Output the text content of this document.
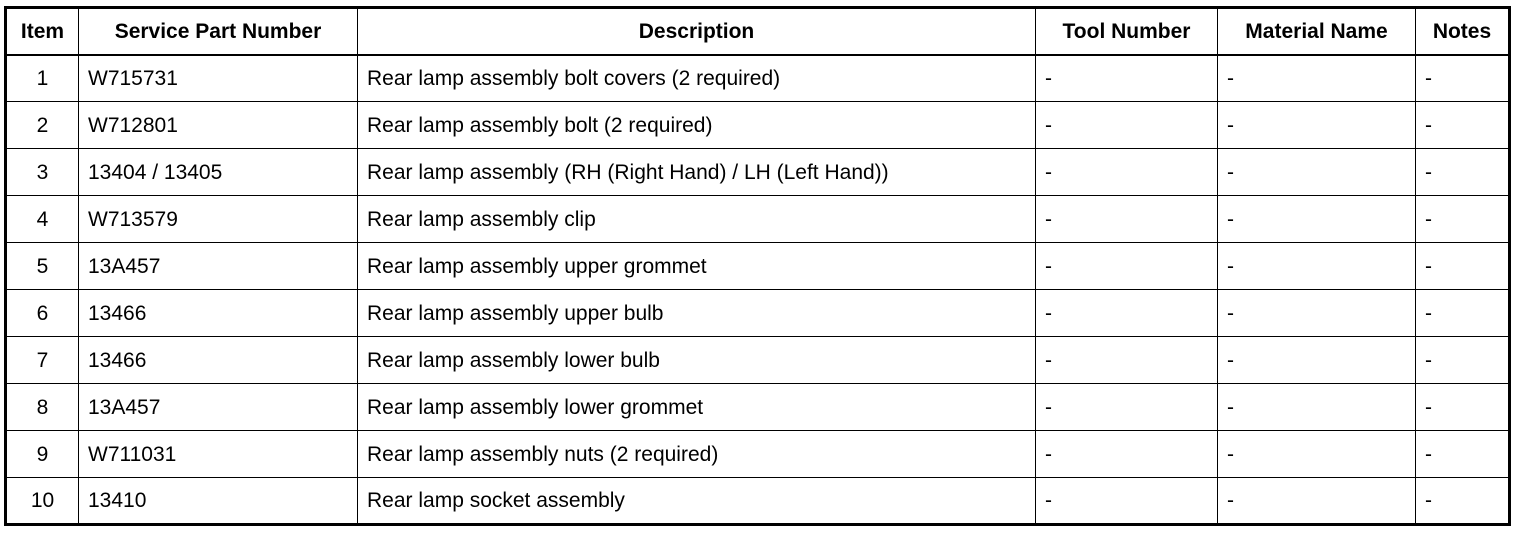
Item	Service Part Number	Description	Tool Number	Material Name	Notes
1	W715731	Rear lamp assembly bolt covers (2 required)	-	-	-
2	W712801	Rear lamp assembly bolt (2 required)	-	-	-
3	13404 / 13405	Rear lamp assembly (RH (Right Hand) / LH (Left Hand))	-	-	-
4	W713579	Rear lamp assembly clip	-	-	-
5	13A457	Rear lamp assembly upper grommet	-	-	-
6	13466	Rear lamp assembly upper bulb	-	-	-
7	13466	Rear lamp assembly lower bulb	-	-	-
8	13A457	Rear lamp assembly lower grommet	-	-	-
9	W711031	Rear lamp assembly nuts (2 required)	-	-	-
10	13410	Rear lamp socket assembly	-	-	-
